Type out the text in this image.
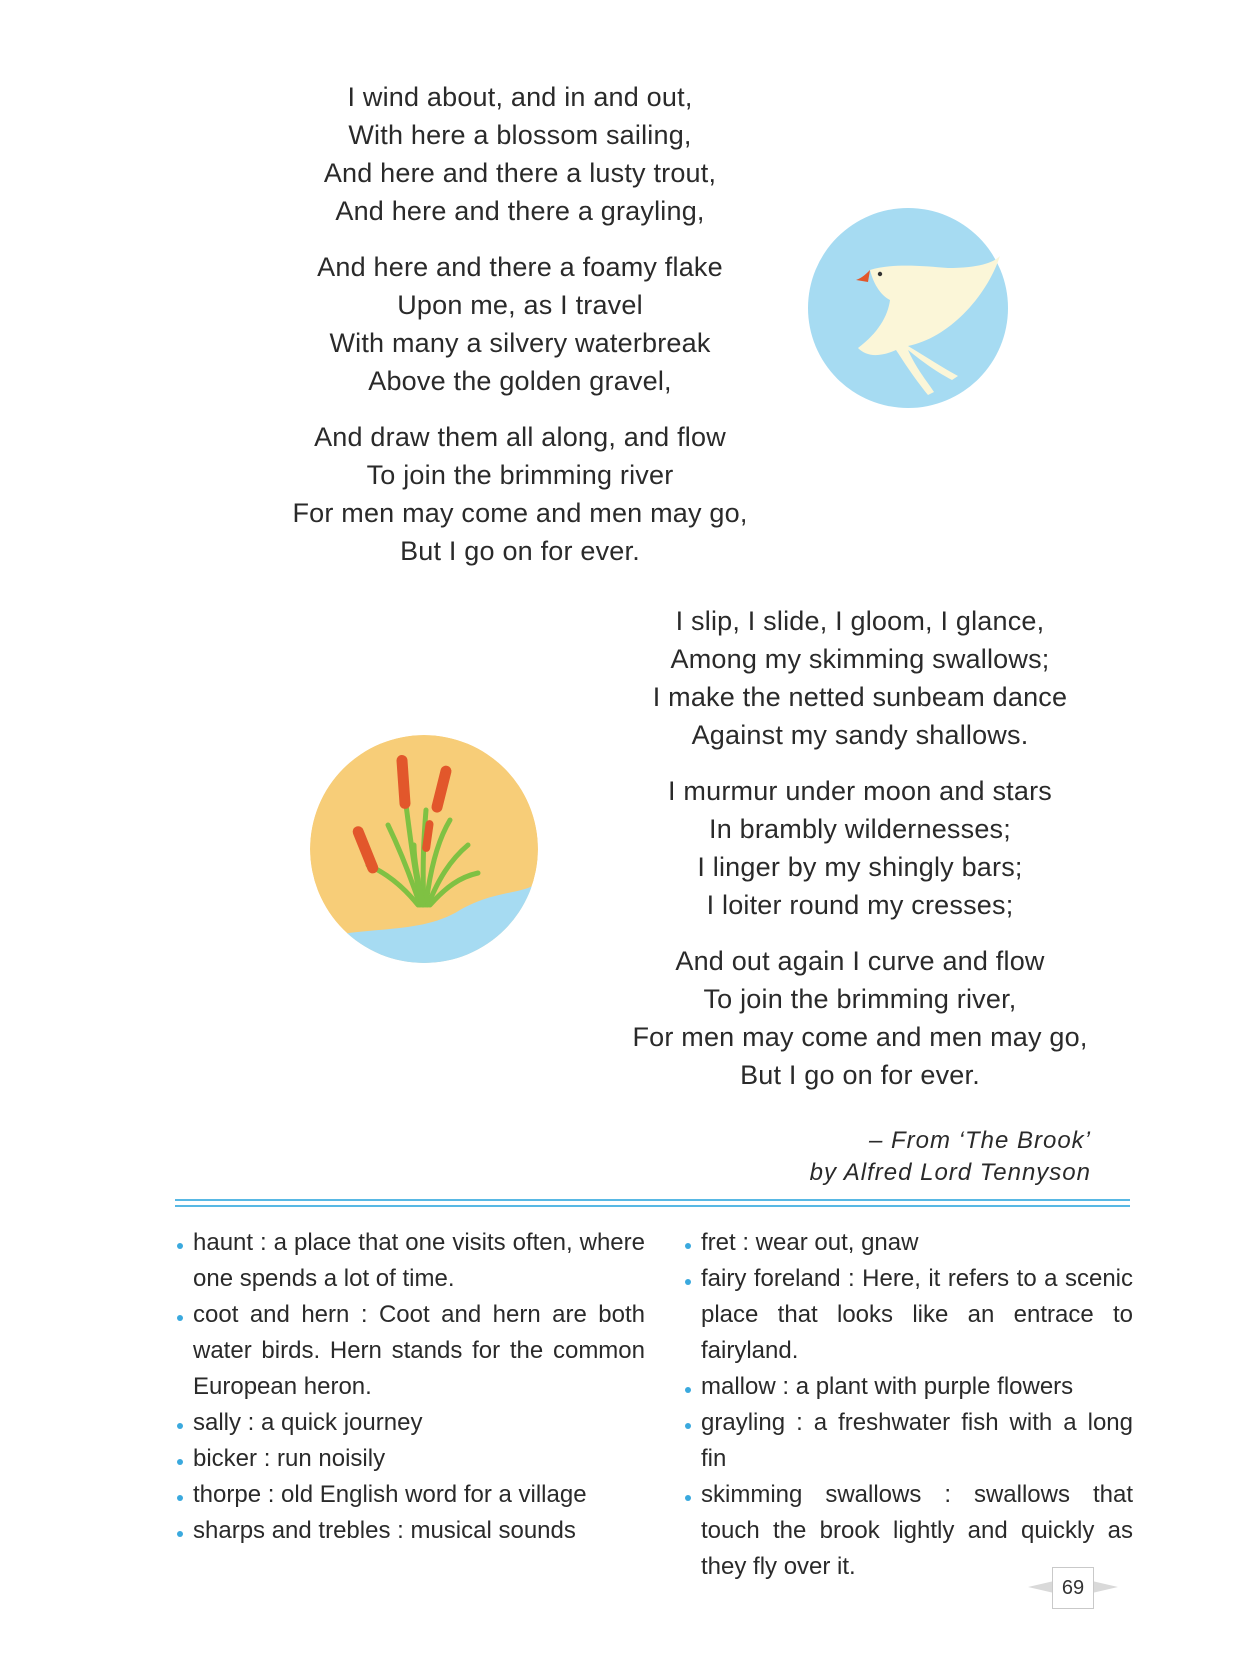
I wind about, and in and out,
With here a blossom sailing,
And here and there a lusty trout,
And here and there a grayling,
And here and there a foamy flake
Upon me, as I travel
With many a silvery waterbreak
Above the golden gravel,
And draw them all along, and flow
To join the brimming river
For men may come and men may go,
But I go on for ever.
I slip, I slide, I gloom, I glance,
Among my skimming swallows;
I make the netted sunbeam dance
Against my sandy shallows.
I murmur under moon and stars
In brambly wildernesses;
I linger by my shingly bars;
I loiter round my cresses;
And out again I curve and flow
To join the brimming river,
For men may come and men may go,
But I go on for ever.
– From ‘The Brook’
by Alfred Lord Tennyson

haunt : a place that one visits often, where one spends a lot of time.

coot and hern : Coot and hern are both water birds. Hern stands for the common European heron.

sally : a quick journey

bicker : run noisily

thorpe : old English word for a village

sharps and trebles : musical sounds

fret : wear out, gnaw

fairy foreland : Here, it refers to a scenic place that looks like an entrace to fairyland.

mallow : a plant with purple flowers

grayling : a freshwater fish with a long fin

skimming swallows : swallows that touch the brook lightly and quickly as they fly over it.

69
